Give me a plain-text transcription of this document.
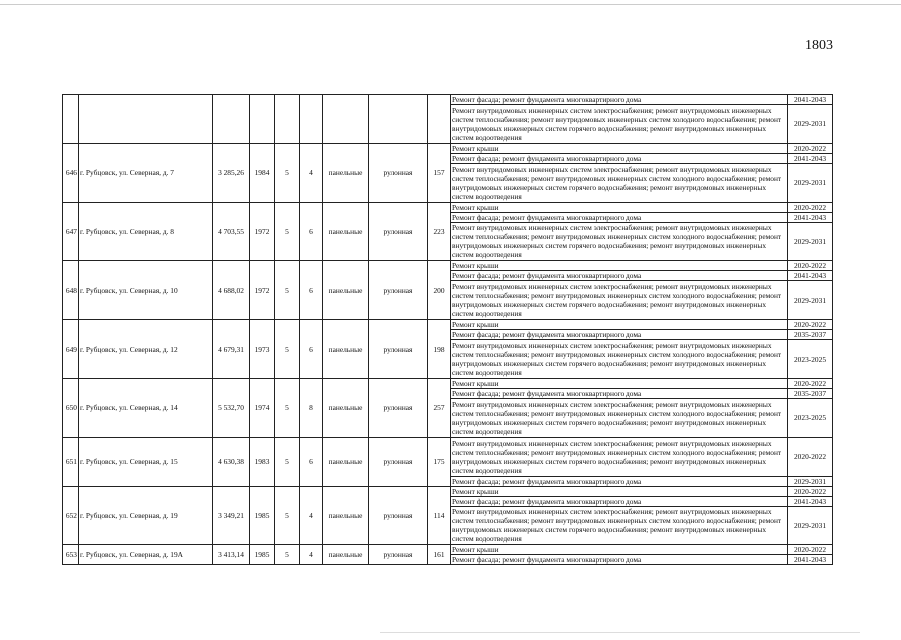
1803
									Ремонт фасада; ремонт фундамента многоквартирного дома	2041-2043
									Ремонт внутридомовых инженерных систем электроснабжения; ремонт внутридомовых инженерных систем теплоснабжения; ремонт внутридомовых инженерных систем холодного водоснабжения; ремонт внутридомовых инженерных систем горячего водоснабжения; ремонт внутридомовых инженерных систем водоотведения	2029-2031
646	г. Рубцовск, ул. Северная, д. 7	3 285,26	1984	5	4	панельные	рулонная	157	Ремонт крыши	2020-2022
									Ремонт фасада; ремонт фундамента многоквартирного дома	2041-2043
									Ремонт внутридомовых инженерных систем электроснабжения; ремонт внутридомовых инженерных систем теплоснабжения; ремонт внутридомовых инженерных систем холодного водоснабжения; ремонт внутридомовых инженерных систем горячего водоснабжения; ремонт внутридомовых инженерных систем водоотведения	2029-2031
647	г. Рубцовск, ул. Северная, д. 8	4 703,55	1972	5	6	панельные	рулонная	223	Ремонт крыши	2020-2022
									Ремонт фасада; ремонт фундамента многоквартирного дома	2041-2043
									Ремонт внутридомовых инженерных систем электроснабжения; ремонт внутридомовых инженерных систем теплоснабжения; ремонт внутридомовых инженерных систем холодного водоснабжения; ремонт внутридомовых инженерных систем горячего водоснабжения; ремонт внутридомовых инженерных систем водоотведения	2029-2031
648	г. Рубцовск, ул. Северная, д. 10	4 688,02	1972	5	6	панельные	рулонная	200	Ремонт крыши	2020-2022
									Ремонт фасада; ремонт фундамента многоквартирного дома	2041-2043
									Ремонт внутридомовых инженерных систем электроснабжения; ремонт внутридомовых инженерных систем теплоснабжения; ремонт внутридомовых инженерных систем холодного водоснабжения; ремонт внутридомовых инженерных систем горячего водоснабжения; ремонт внутридомовых инженерных систем водоотведения	2029-2031
649	г. Рубцовск, ул. Северная, д. 12	4 679,31	1973	5	6	панельные	рулонная	198	Ремонт крыши	2020-2022
									Ремонт фасада; ремонт фундамента многоквартирного дома	2035-2037
									Ремонт внутридомовых инженерных систем электроснабжения; ремонт внутридомовых инженерных систем теплоснабжения; ремонт внутридомовых инженерных систем холодного водоснабжения; ремонт внутридомовых инженерных систем горячего водоснабжения; ремонт внутридомовых инженерных систем водоотведения	2023-2025
650	г. Рубцовск, ул. Северная, д. 14	5 532,70	1974	5	8	панельные	рулонная	257	Ремонт крыши	2020-2022
									Ремонт фасада; ремонт фундамента многоквартирного дома	2035-2037
									Ремонт внутридомовых инженерных систем электроснабжения; ремонт внутридомовых инженерных систем теплоснабжения; ремонт внутридомовых инженерных систем холодного водоснабжения; ремонт внутридомовых инженерных систем горячего водоснабжения; ремонт внутридомовых инженерных систем водоотведения	2023-2025
651	г. Рубцовск, ул. Северная, д. 15	4 630,38	1983	5	6	панельные	рулонная	175	Ремонт внутридомовых инженерных систем электроснабжения; ремонт внутридомовых инженерных систем теплоснабжения; ремонт внутридомовых инженерных систем холодного водоснабжения; ремонт внутридомовых инженерных систем горячего водоснабжения; ремонт внутридомовых инженерных систем водоотведения	2020-2022
									Ремонт фасада; ремонт фундамента многоквартирного дома	2029-2031
652	г. Рубцовск, ул. Северная, д. 19	3 349,21	1985	5	4	панельные	рулонная	114	Ремонт крыши	2020-2022
									Ремонт фасада; ремонт фундамента многоквартирного дома	2041-2043
									Ремонт внутридомовых инженерных систем электроснабжения; ремонт внутридомовых инженерных систем теплоснабжения; ремонт внутридомовых инженерных систем холодного водоснабжения; ремонт внутридомовых инженерных систем горячего водоснабжения; ремонт внутридомовых инженерных систем водоотведения	2029-2031
653	г. Рубцовск, ул. Северная, д. 19А	3 413,14	1985	5	4	панельные	рулонная	161	Ремонт крыши	2020-2022
									Ремонт фасада; ремонт фундамента многоквартирного дома	2041-2043
